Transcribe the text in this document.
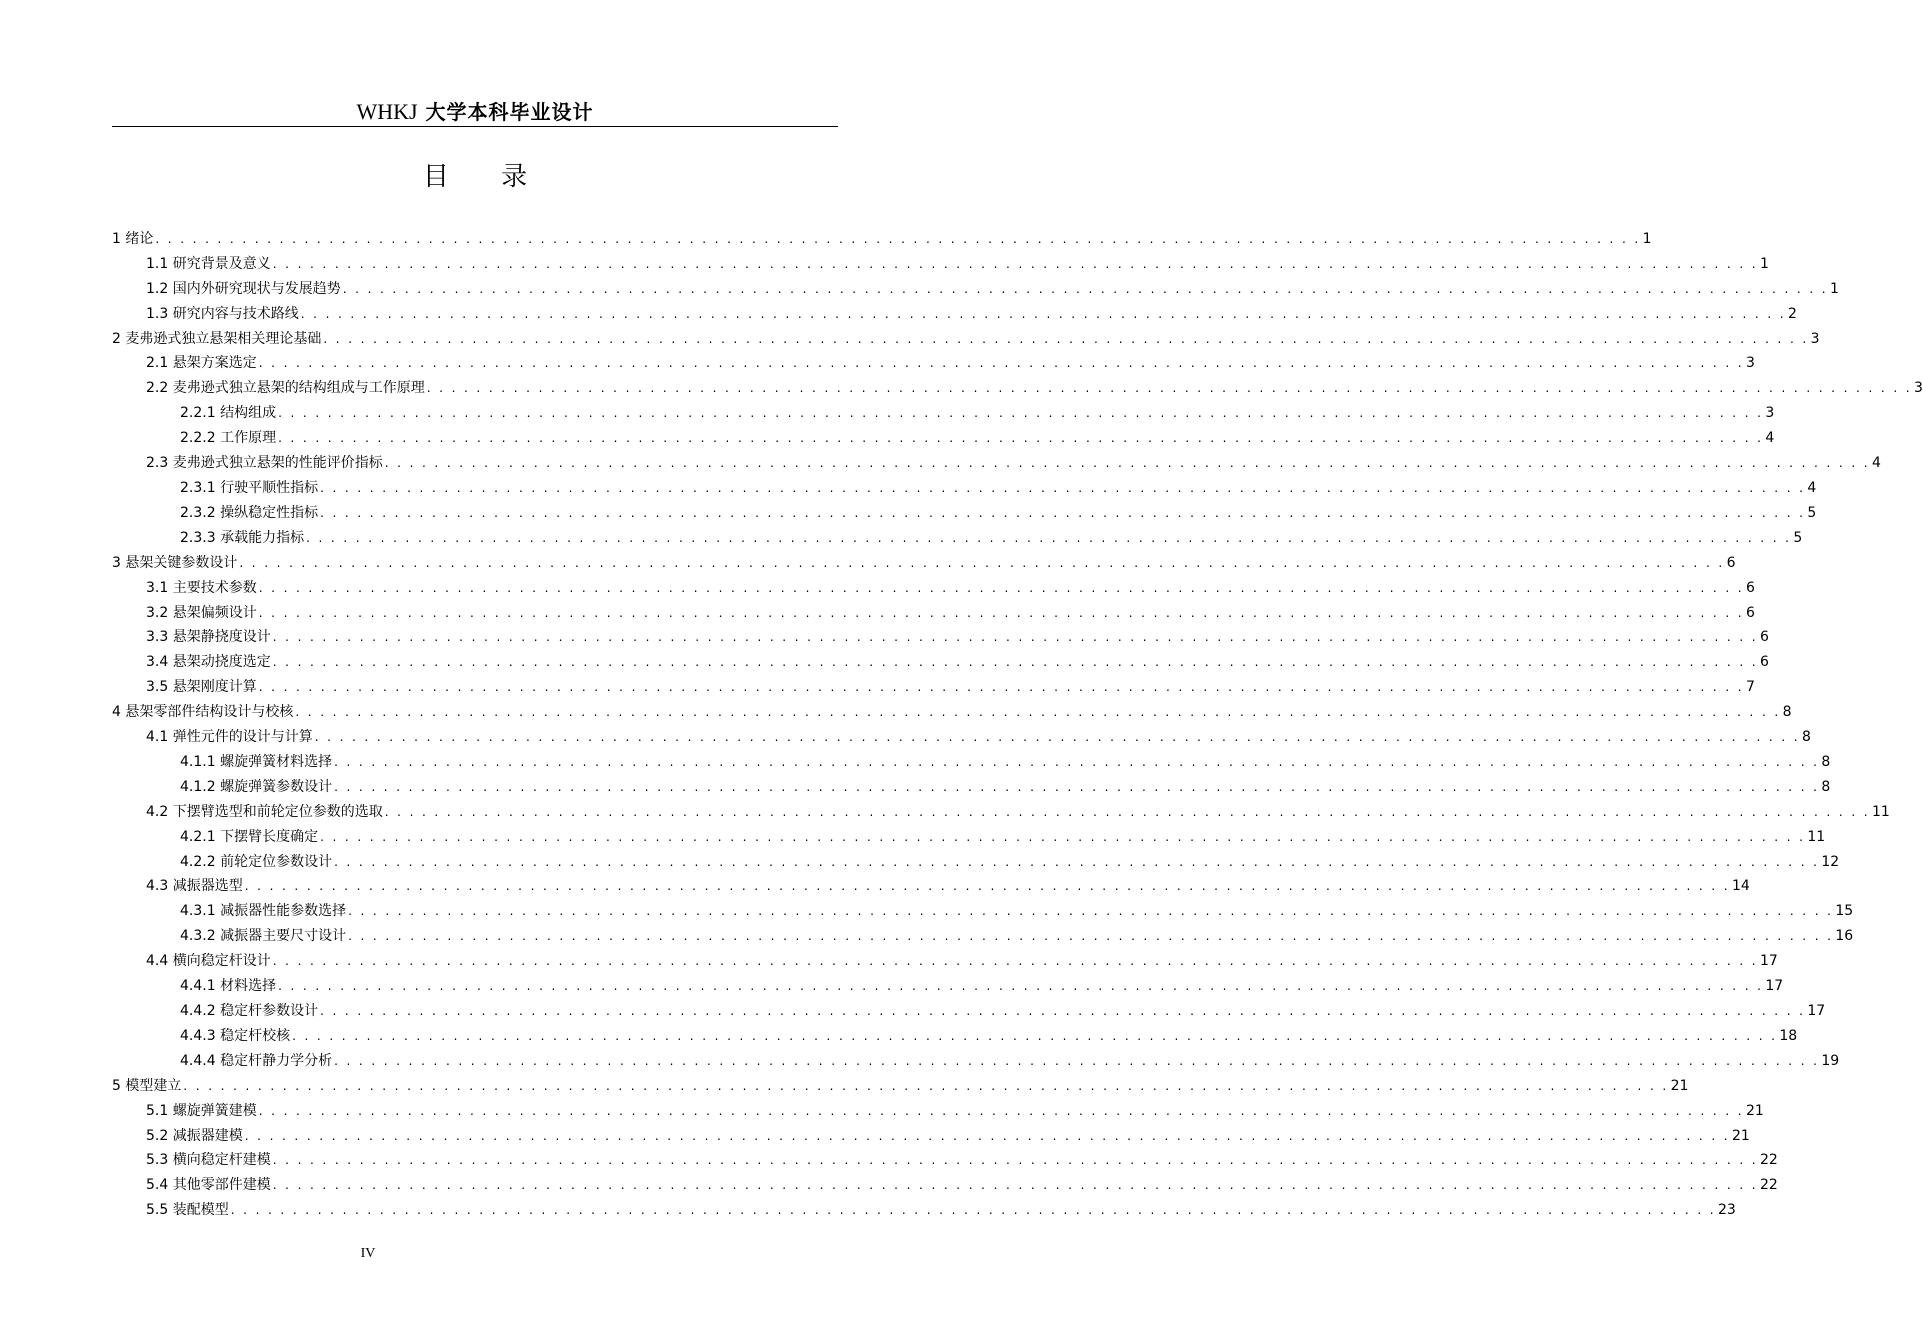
WHKJ 大学本科毕业设计
目 录
1 绪论 . . . . . . . . . . . . . . . . . . . . . . . . . . . . . . . . . . . . . . . . . . . . . . . . . . . . . . . . . . . . . . . . . . . . . . . . . . . . . . . . . . . . . . . . . . . . . . . . . . . . . . . . . . . . . . . . . . . . . . . . 1
1.1 研究背景及意义 . . . . . . . . . . . . . . . . . . . . . . . . . . . . . . . . . . . . . . . . . . . . . . . . . . . . . . . . . . . . . . . . . . . . . . . . . . . . . . . . . . . . . . . . . . . . . . . . . . . . . . . . . . . . . . . . . . . . . . . . 1
1.2 国内外研究现状与发展趋势 . . . . . . . . . . . . . . . . . . . . . . . . . . . . . . . . . . . . . . . . . . . . . . . . . . . . . . . . . . . . . . . . . . . . . . . . . . . . . . . . . . . . . . . . . . . . . . . . . . . . . . . . . . . . . . . . . . . . . . . . 1
1.3 研究内容与技术路线 . . . . . . . . . . . . . . . . . . . . . . . . . . . . . . . . . . . . . . . . . . . . . . . . . . . . . . . . . . . . . . . . . . . . . . . . . . . . . . . . . . . . . . . . . . . . . . . . . . . . . . . . . . . . . . . . . . . . . . . . 2
2 麦弗逊式独立悬架相关理论基础 . . . . . . . . . . . . . . . . . . . . . . . . . . . . . . . . . . . . . . . . . . . . . . . . . . . . . . . . . . . . . . . . . . . . . . . . . . . . . . . . . . . . . . . . . . . . . . . . . . . . . . . . . . . . . . . . . . . . . . . . 3
2.1 悬架方案选定 . . . . . . . . . . . . . . . . . . . . . . . . . . . . . . . . . . . . . . . . . . . . . . . . . . . . . . . . . . . . . . . . . . . . . . . . . . . . . . . . . . . . . . . . . . . . . . . . . . . . . . . . . . . . . . . . . . . . . . . . 3
2.2 麦弗逊式独立悬架的结构组成与工作原理 . . . . . . . . . . . . . . . . . . . . . . . . . . . . . . . . . . . . . . . . . . . . . . . . . . . . . . . . . . . . . . . . . . . . . . . . . . . . . . . . . . . . . . . . . . . . . . . . . . . . . . . . . . . . . . . . . . . . . . . . 3
2.2.1 结构组成 . . . . . . . . . . . . . . . . . . . . . . . . . . . . . . . . . . . . . . . . . . . . . . . . . . . . . . . . . . . . . . . . . . . . . . . . . . . . . . . . . . . . . . . . . . . . . . . . . . . . . . . . . . . . . . . . . . . . . . . . 3
2.2.2 工作原理 . . . . . . . . . . . . . . . . . . . . . . . . . . . . . . . . . . . . . . . . . . . . . . . . . . . . . . . . . . . . . . . . . . . . . . . . . . . . . . . . . . . . . . . . . . . . . . . . . . . . . . . . . . . . . . . . . . . . . . . . 4
2.3 麦弗逊式独立悬架的性能评价指标 . . . . . . . . . . . . . . . . . . . . . . . . . . . . . . . . . . . . . . . . . . . . . . . . . . . . . . . . . . . . . . . . . . . . . . . . . . . . . . . . . . . . . . . . . . . . . . . . . . . . . . . . . . . . . . . . . . . . . . . . 4
2.3.1 行驶平顺性指标 . . . . . . . . . . . . . . . . . . . . . . . . . . . . . . . . . . . . . . . . . . . . . . . . . . . . . . . . . . . . . . . . . . . . . . . . . . . . . . . . . . . . . . . . . . . . . . . . . . . . . . . . . . . . . . . . . . . . . . . . 4
2.3.2 操纵稳定性指标 . . . . . . . . . . . . . . . . . . . . . . . . . . . . . . . . . . . . . . . . . . . . . . . . . . . . . . . . . . . . . . . . . . . . . . . . . . . . . . . . . . . . . . . . . . . . . . . . . . . . . . . . . . . . . . . . . . . . . . . . 5
2.3.3 承载能力指标 . . . . . . . . . . . . . . . . . . . . . . . . . . . . . . . . . . . . . . . . . . . . . . . . . . . . . . . . . . . . . . . . . . . . . . . . . . . . . . . . . . . . . . . . . . . . . . . . . . . . . . . . . . . . . . . . . . . . . . . . 5
3 悬架关键参数设计 . . . . . . . . . . . . . . . . . . . . . . . . . . . . . . . . . . . . . . . . . . . . . . . . . . . . . . . . . . . . . . . . . . . . . . . . . . . . . . . . . . . . . . . . . . . . . . . . . . . . . . . . . . . . . . . . . . . . . . . . 6
3.1 主要技术参数 . . . . . . . . . . . . . . . . . . . . . . . . . . . . . . . . . . . . . . . . . . . . . . . . . . . . . . . . . . . . . . . . . . . . . . . . . . . . . . . . . . . . . . . . . . . . . . . . . . . . . . . . . . . . . . . . . . . . . . . . 6
3.2 悬架偏频设计 . . . . . . . . . . . . . . . . . . . . . . . . . . . . . . . . . . . . . . . . . . . . . . . . . . . . . . . . . . . . . . . . . . . . . . . . . . . . . . . . . . . . . . . . . . . . . . . . . . . . . . . . . . . . . . . . . . . . . . . . 6
3.3 悬架静挠度设计 . . . . . . . . . . . . . . . . . . . . . . . . . . . . . . . . . . . . . . . . . . . . . . . . . . . . . . . . . . . . . . . . . . . . . . . . . . . . . . . . . . . . . . . . . . . . . . . . . . . . . . . . . . . . . . . . . . . . . . . . 6
3.4 悬架动挠度选定 . . . . . . . . . . . . . . . . . . . . . . . . . . . . . . . . . . . . . . . . . . . . . . . . . . . . . . . . . . . . . . . . . . . . . . . . . . . . . . . . . . . . . . . . . . . . . . . . . . . . . . . . . . . . . . . . . . . . . . . . 6
3.5 悬架刚度计算 . . . . . . . . . . . . . . . . . . . . . . . . . . . . . . . . . . . . . . . . . . . . . . . . . . . . . . . . . . . . . . . . . . . . . . . . . . . . . . . . . . . . . . . . . . . . . . . . . . . . . . . . . . . . . . . . . . . . . . . . 7
4 悬架零部件结构设计与校核 . . . . . . . . . . . . . . . . . . . . . . . . . . . . . . . . . . . . . . . . . . . . . . . . . . . . . . . . . . . . . . . . . . . . . . . . . . . . . . . . . . . . . . . . . . . . . . . . . . . . . . . . . . . . . . . . . . . . . . . . 8
4.1 弹性元件的设计与计算 . . . . . . . . . . . . . . . . . . . . . . . . . . . . . . . . . . . . . . . . . . . . . . . . . . . . . . . . . . . . . . . . . . . . . . . . . . . . . . . . . . . . . . . . . . . . . . . . . . . . . . . . . . . . . . . . . . . . . . . . 8
4.1.1 螺旋弹簧材料选择 . . . . . . . . . . . . . . . . . . . . . . . . . . . . . . . . . . . . . . . . . . . . . . . . . . . . . . . . . . . . . . . . . . . . . . . . . . . . . . . . . . . . . . . . . . . . . . . . . . . . . . . . . . . . . . . . . . . . . . . . 8
4.1.2 螺旋弹簧参数设计 . . . . . . . . . . . . . . . . . . . . . . . . . . . . . . . . . . . . . . . . . . . . . . . . . . . . . . . . . . . . . . . . . . . . . . . . . . . . . . . . . . . . . . . . . . . . . . . . . . . . . . . . . . . . . . . . . . . . . . . . 8
4.2 下摆臂选型和前轮定位参数的选取 . . . . . . . . . . . . . . . . . . . . . . . . . . . . . . . . . . . . . . . . . . . . . . . . . . . . . . . . . . . . . . . . . . . . . . . . . . . . . . . . . . . . . . . . . . . . . . . . . . . . . . . . . . . . . . . . . . . . . . . . 11
4.2.1 下摆臂长度确定 . . . . . . . . . . . . . . . . . . . . . . . . . . . . . . . . . . . . . . . . . . . . . . . . . . . . . . . . . . . . . . . . . . . . . . . . . . . . . . . . . . . . . . . . . . . . . . . . . . . . . . . . . . . . . . . . . . . . . . . . 11
4.2.2 前轮定位参数设计 . . . . . . . . . . . . . . . . . . . . . . . . . . . . . . . . . . . . . . . . . . . . . . . . . . . . . . . . . . . . . . . . . . . . . . . . . . . . . . . . . . . . . . . . . . . . . . . . . . . . . . . . . . . . . . . . . . . . . . . . 12
4.3 减振器选型 . . . . . . . . . . . . . . . . . . . . . . . . . . . . . . . . . . . . . . . . . . . . . . . . . . . . . . . . . . . . . . . . . . . . . . . . . . . . . . . . . . . . . . . . . . . . . . . . . . . . . . . . . . . . . . . . . . . . . . . . 14
4.3.1 减振器性能参数选择 . . . . . . . . . . . . . . . . . . . . . . . . . . . . . . . . . . . . . . . . . . . . . . . . . . . . . . . . . . . . . . . . . . . . . . . . . . . . . . . . . . . . . . . . . . . . . . . . . . . . . . . . . . . . . . . . . . . . . . . . 15
4.3.2 减振器主要尺寸设计 . . . . . . . . . . . . . . . . . . . . . . . . . . . . . . . . . . . . . . . . . . . . . . . . . . . . . . . . . . . . . . . . . . . . . . . . . . . . . . . . . . . . . . . . . . . . . . . . . . . . . . . . . . . . . . . . . . . . . . . . 16
4.4 横向稳定杆设计 . . . . . . . . . . . . . . . . . . . . . . . . . . . . . . . . . . . . . . . . . . . . . . . . . . . . . . . . . . . . . . . . . . . . . . . . . . . . . . . . . . . . . . . . . . . . . . . . . . . . . . . . . . . . . . . . . . . . . . . . 17
4.4.1 材料选择 . . . . . . . . . . . . . . . . . . . . . . . . . . . . . . . . . . . . . . . . . . . . . . . . . . . . . . . . . . . . . . . . . . . . . . . . . . . . . . . . . . . . . . . . . . . . . . . . . . . . . . . . . . . . . . . . . . . . . . . . 17
4.4.2 稳定杆参数设计 . . . . . . . . . . . . . . . . . . . . . . . . . . . . . . . . . . . . . . . . . . . . . . . . . . . . . . . . . . . . . . . . . . . . . . . . . . . . . . . . . . . . . . . . . . . . . . . . . . . . . . . . . . . . . . . . . . . . . . . . 17
4.4.3 稳定杆校核 . . . . . . . . . . . . . . . . . . . . . . . . . . . . . . . . . . . . . . . . . . . . . . . . . . . . . . . . . . . . . . . . . . . . . . . . . . . . . . . . . . . . . . . . . . . . . . . . . . . . . . . . . . . . . . . . . . . . . . . . 18
4.4.4 稳定杆静力学分析 . . . . . . . . . . . . . . . . . . . . . . . . . . . . . . . . . . . . . . . . . . . . . . . . . . . . . . . . . . . . . . . . . . . . . . . . . . . . . . . . . . . . . . . . . . . . . . . . . . . . . . . . . . . . . . . . . . . . . . . . 19
5 模型建立 . . . . . . . . . . . . . . . . . . . . . . . . . . . . . . . . . . . . . . . . . . . . . . . . . . . . . . . . . . . . . . . . . . . . . . . . . . . . . . . . . . . . . . . . . . . . . . . . . . . . . . . . . . . . . . . . . . . . . . . . 21
5.1 螺旋弹簧建模 . . . . . . . . . . . . . . . . . . . . . . . . . . . . . . . . . . . . . . . . . . . . . . . . . . . . . . . . . . . . . . . . . . . . . . . . . . . . . . . . . . . . . . . . . . . . . . . . . . . . . . . . . . . . . . . . . . . . . . . . 21
5.2 减振器建模 . . . . . . . . . . . . . . . . . . . . . . . . . . . . . . . . . . . . . . . . . . . . . . . . . . . . . . . . . . . . . . . . . . . . . . . . . . . . . . . . . . . . . . . . . . . . . . . . . . . . . . . . . . . . . . . . . . . . . . . . 21
5.3 横向稳定杆建模 . . . . . . . . . . . . . . . . . . . . . . . . . . . . . . . . . . . . . . . . . . . . . . . . . . . . . . . . . . . . . . . . . . . . . . . . . . . . . . . . . . . . . . . . . . . . . . . . . . . . . . . . . . . . . . . . . . . . . . . . 22
5.4 其他零部件建模 . . . . . . . . . . . . . . . . . . . . . . . . . . . . . . . . . . . . . . . . . . . . . . . . . . . . . . . . . . . . . . . . . . . . . . . . . . . . . . . . . . . . . . . . . . . . . . . . . . . . . . . . . . . . . . . . . . . . . . . . 22
5.5 装配模型 . . . . . . . . . . . . . . . . . . . . . . . . . . . . . . . . . . . . . . . . . . . . . . . . . . . . . . . . . . . . . . . . . . . . . . . . . . . . . . . . . . . . . . . . . . . . . . . . . . . . . . . . . . . . . . . . . . . . . . . . 23
IV
